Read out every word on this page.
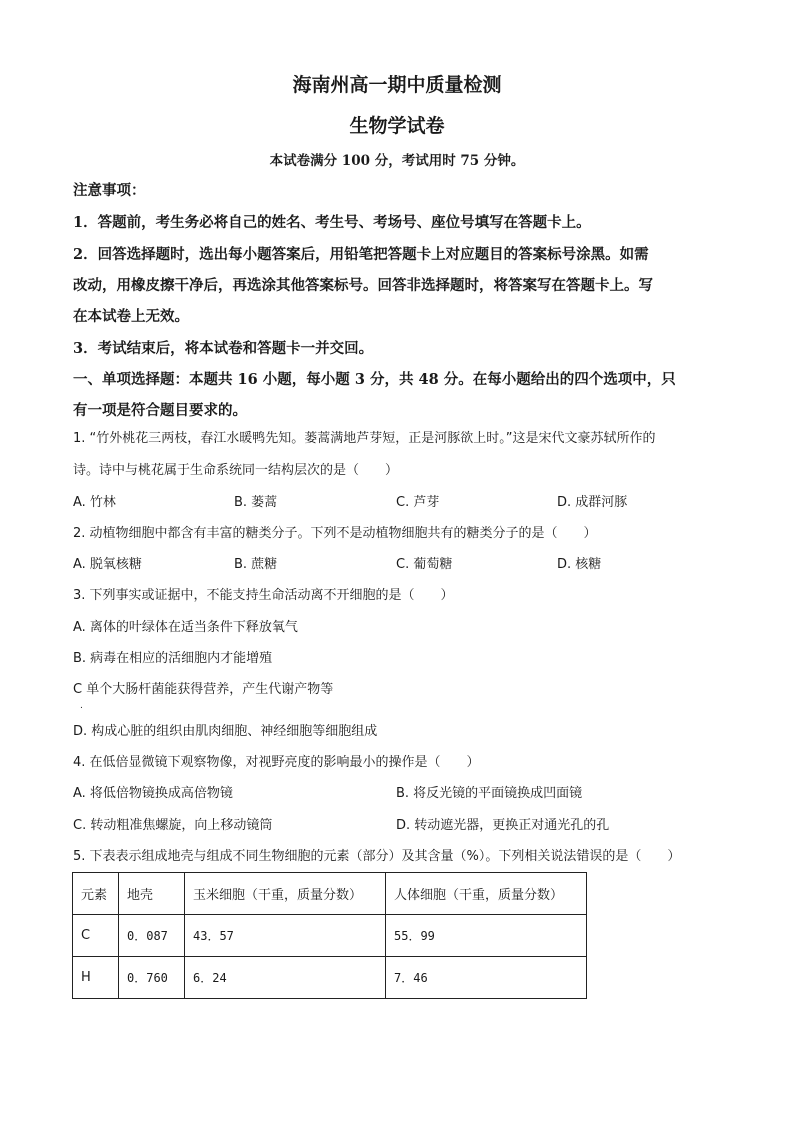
海南州高一期中质量检测
生物学试卷
本试卷满分 100 分，考试用时 75 分钟。
注意事项：
1．答题前，考生务必将自己的姓名、考生号、考场号、座位号填写在答题卡上。
2．回答选择题时，选出每小题答案后，用铅笔把答题卡上对应题目的答案标号涂黑。如需
改动，用橡皮擦干净后，再选涂其他答案标号。回答非选择题时，将答案写在答题卡上。写
在本试卷上无效。
3．考试结束后，将本试卷和答题卡一并交回。
一、单项选择题：本题共 16 小题，每小题 3 分，共 48 分。在每小题给出的四个选项中，只
有一项是符合题目要求的。
1. “竹外桃花三两枝，春江水暖鸭先知。蒌蒿满地芦芽短，正是河豚欲上时。”这是宋代文豪苏轼所作的
诗。诗中与桃花属于生命系统同一结构层次的是（　　）
A. 竹林	B. 蒌蒿	C. 芦芽	D. 成群河豚
2. 动植物细胞中都含有丰富的糖类分子。下列不是动植物细胞共有的糖类分子的是（　　）
A. 脱氧核糖	B. 蔗糖	C. 葡萄糖	D. 核糖
3. 下列事实或证据中，不能支持生命活动离不开细胞的是（　　）
A. 离体的叶绿体在适当条件下释放氧气
B. 病毒在相应的活细胞内才能增殖
C 单个大肠杆菌能获得营养，产生代谢产物等
.
D. 构成心脏的组织由肌肉细胞、神经细胞等细胞组成
4. 在低倍显微镜下观察物像，对视野亮度的影响最小的操作是（　　）
A. 将低倍物镜换成高倍物镜	B. 将反光镜的平面镜换成凹面镜
C. 转动粗准焦螺旋，向上移动镜筒	D. 转动遮光器，更换正对通光孔的孔
5. 下表表示组成地壳与组成不同生物细胞的元素（部分）及其含量（%）。下列相关说法错误的是（　　）
元素	地壳	玉米细胞（干重，质量分数）	人体细胞（干重，质量分数）
C	0．087	43．57	55．99
H	0．760	6．24	7．46
